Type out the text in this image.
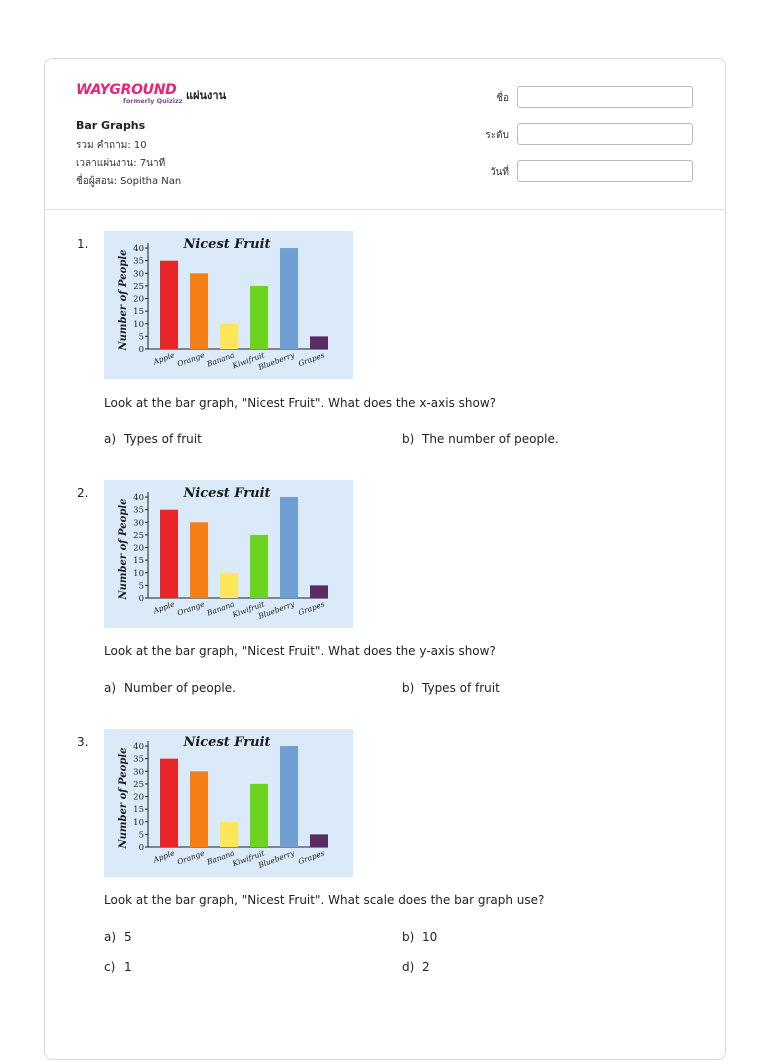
WAYGROUND
formerly Quizizz แผ่นงาน
Bar Graphs
รวม คำถาม: 10
เวลาแผ่นงาน: 7นาที
ชื่อผู้สอน: Sopitha Nan
ชื่อ
ระดับ
วันที่
1.	Nicest Fruit
Number of People 0
5
10
15
20
25
30
35
40
Apple Orange Banana
Kiwifruit
Blueberry Grapes
Look at the bar graph, "Nicest Fruit". What does the x-axis show?
a) Types of fruit	b) The number of people.
2.	Nicest Fruit
Number of People 0
5
10
15
20
25
30
35
40
Apple Orange Banana
Kiwifruit
Blueberry Grapes
Look at the bar graph, "Nicest Fruit". What does the y-axis show?
a) Number of people.	b) Types of fruit
3.	Nicest Fruit
Number of People 0
5
10
15
20
25
30
35
40
Apple Orange Banana
Kiwifruit
Blueberry Grapes
Look at the bar graph, "Nicest Fruit". What scale does the bar graph use?
a) 5	b) 10
c) 1	d) 2
